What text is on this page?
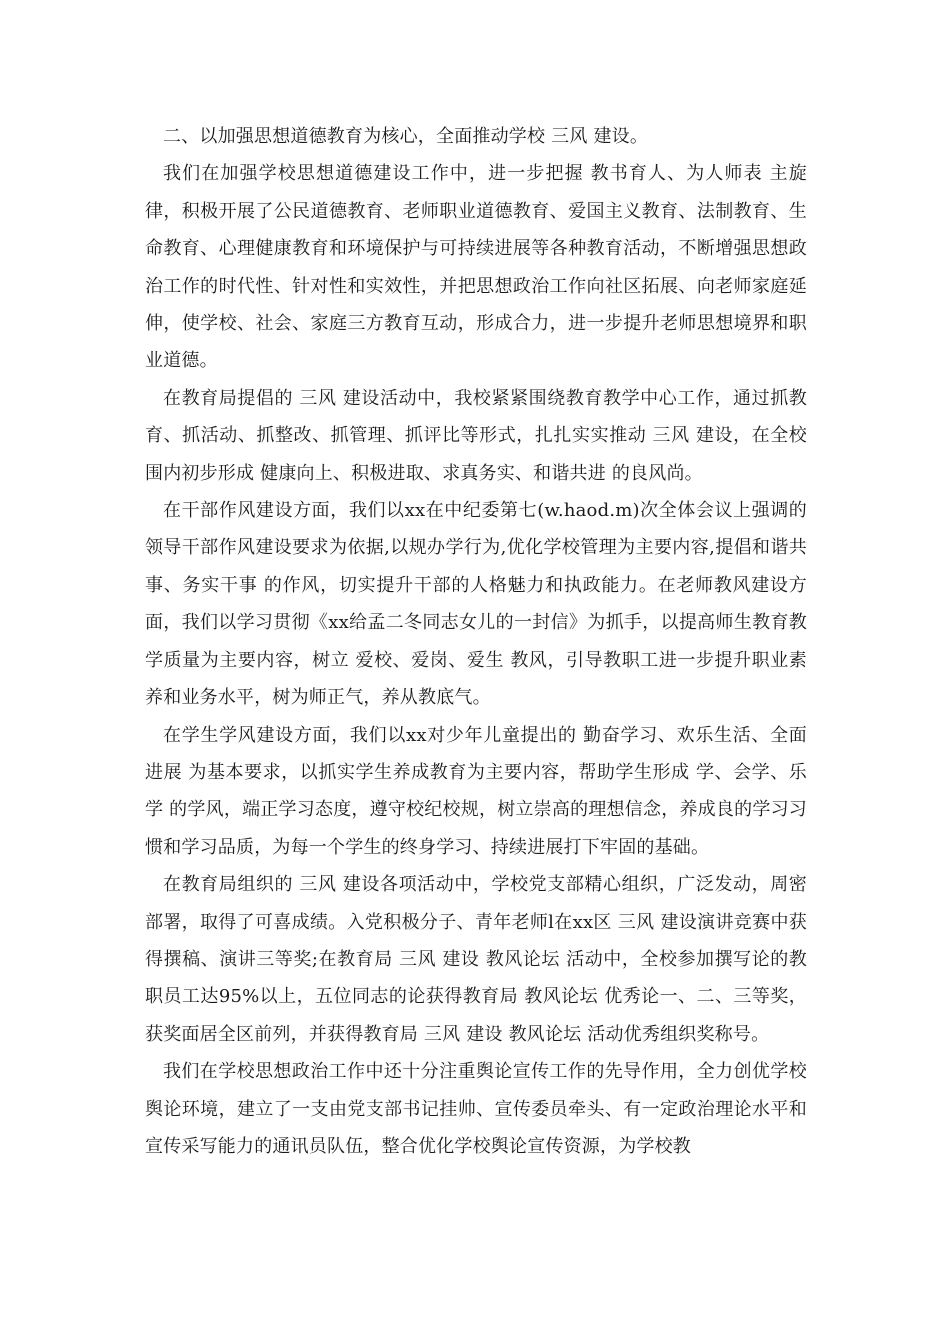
二、以加强思想道德教育为核心，全面推动学校 三风 建设。

我们在加强学校思想道德建设工作中，进一步把握 教书育人、为人师表 主旋律，积极开展了公民道德教育、老师职业道德教育、爱国主义教育、法制教育、生命教育、心理健康教育和环境保护与可持续进展等各种教育活动，不断增强思想政治工作的时代性、针对性和实效性，并把思想政治工作向社区拓展、向老师家庭延伸，使学校、社会、家庭三方教育互动，形成合力，进一步提升老师思想境界和职业道德。

在教育局提倡的 三风 建设活动中，我校紧紧围绕教育教学中心工作，通过抓教育、抓活动、抓整改、抓管理、抓评比等形式，扎扎实实推动 三风 建设，在全校围内初步形成 健康向上、积极进取、求真务实、和谐共进 的良风尚。

在干部作风建设方面，我们以xx在中纪委第七(w.haod.m)次全体会议上强调的领导干部作风建设要求为依据,以规办学行为,优化学校管理为主要内容,提倡和谐共事、务实干事 的作风，切实提升干部的人格魅力和执政能力。在老师教风建设方面，我们以学习贯彻《xx给孟二冬同志女儿的一封信》为抓手，以提高师生教育教学质量为主要内容，树立 爱校、爱岗、爱生 教风，引导教职工进一步提升职业素养和业务水平，树为师正气，养从教底气。

在学生学风建设方面，我们以xx对少年儿童提出的 勤奋学习、欢乐生活、全面进展 为基本要求，以抓实学生养成教育为主要内容，帮助学生形成 学、会学、乐学 的学风，端正学习态度，遵守校纪校规，树立崇高的理想信念，养成良的学习习惯和学习品质，为每一个学生的终身学习、持续进展打下牢固的基础。

在教育局组织的 三风 建设各项活动中，学校党支部精心组织，广泛发动，周密部署，取得了可喜成绩。入党积极分子、青年老师l在xx区 三风 建设演讲竞赛中获得撰稿、演讲三等奖;在教育局 三风 建设 教风论坛 活动中，全校参加撰写论的教职员工达95%以上，五位同志的论获得教育局 教风论坛 优秀论一、二、三等奖，获奖面居全区前列，并获得教育局 三风 建设 教风论坛 活动优秀组织奖称号。

我们在学校思想政治工作中还十分注重舆论宣传工作的先导作用，全力创优学校舆论环境，建立了一支由党支部书记挂帅、宣传委员牵头、有一定政治理论水平和宣传采写能力的通讯员队伍，整合优化学校舆论宣传资源，为学校教
